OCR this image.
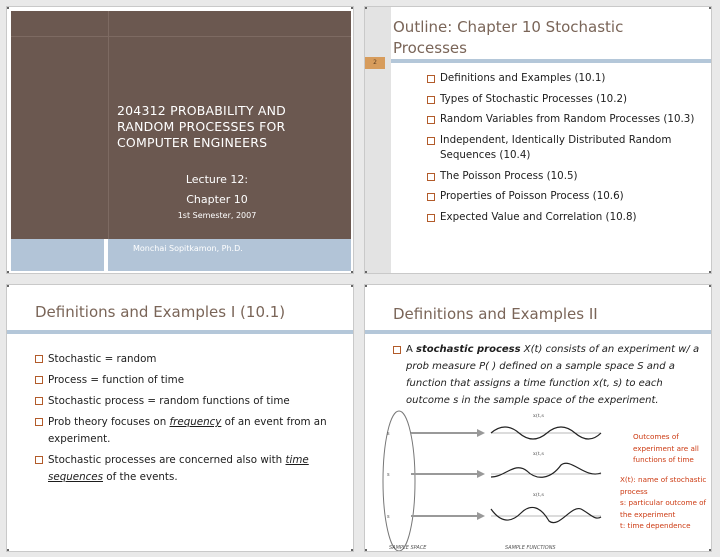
204312 PROBABILITY AND RANDOM PROCESSES FOR COMPUTER ENGINEERS
Lecture 12:
Chapter 10
1st Semester, 2007
Monchai Sopitkamon, Ph.D.
Outline: Chapter 10 Stochastic Processes
2
Definitions and Examples (10.1)
Types of Stochastic Processes (10.2)
Random Variables from Random Processes (10.3)
Independent, Identically Distributed Random Sequences (10.4)
The Poisson Process (10.5)
Properties of Poisson Process (10.6)
Expected Value and Correlation (10.8)
Definitions and Examples I (10.1)
Stochastic = random
Process = function of time
Stochastic process = random functions of time
Prob theory focuses on frequency of an event from an experiment.
Stochastic processes are concerned also with time sequences of the events.
Definitions and Examples II
A stochastic process X(t) consists of an experiment w/ a prob measure P( ) defined on a sample space S and a function that assigns a time function x(t, s) to each outcome s in the sample space of the experiment.
x(t,s
x(t,s
x(t,s
s
s
s
SAMPLE SPACE	SAMPLE FUNCTIONS
Outcomes of experiment are all functions of time
X(t): name of stochastic process
s: particular outcome of the experiment
t: time dependence
